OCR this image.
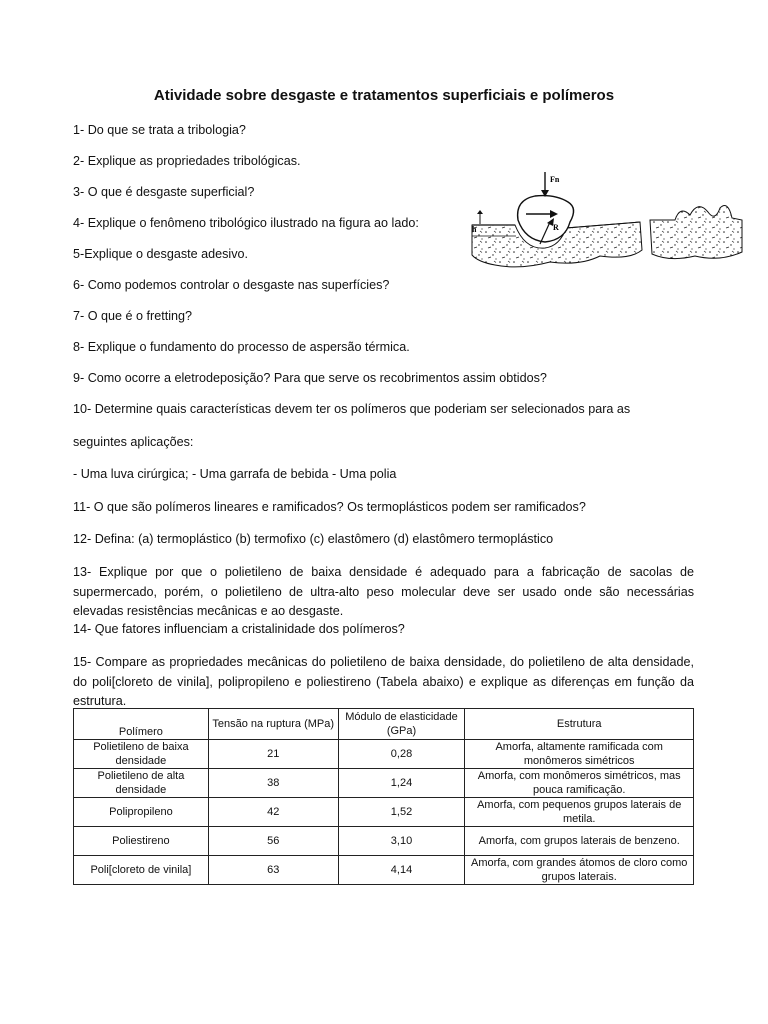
Atividade sobre desgaste e tratamentos superficiais e polímeros
1- Do que se trata a tribologia?
2- Explique as propriedades tribológicas.
3- O que é desgaste superficial?
4- Explique o fenômeno tribológico ilustrado na figura ao lado:
5-Explique o desgaste adesivo.
6- Como podemos controlar o desgaste nas superfícies?
7- O que é o fretting?
8- Explique o fundamento do processo de aspersão térmica.
9- Como ocorre a eletrodeposição? Para que serve os recobrimentos assim obtidos?
10- Determine quais características devem ter os polímeros que poderiam ser selecionados para as
seguintes aplicações:
- Uma luva cirúrgica; - Uma garrafa de bebida - Uma polia
11- O que são polímeros lineares e ramificados? Os termoplásticos podem ser ramificados?
12- Defina: (a) termoplástico (b) termofixo (c) elastômero (d) elastômero termoplástico
13- Explique por que o polietileno de baixa densidade é adequado para a fabricação de sacolas de supermercado, porém, o polietileno de ultra-alto peso molecular deve ser usado onde são necessárias elevadas resistências mecânicas e ao desgaste.
14- Que fatores influenciam a cristalinidade dos polímeros?
15- Compare as propriedades mecânicas do polietileno de baixa densidade, do polietileno de alta densidade, do poli[cloreto de vinila], polipropileno e poliestireno (Tabela abaixo) e explique as diferenças em função da estrutura.
Fn
R
h
Polímero	Tensão na ruptura (MPa)	Módulo de elasticidade (GPa)	Estrutura
Polietileno de baixa densidade	21	0,28	Amorfa, altamente ramificada com monômeros simétricos
Polietileno de alta densidade	38	1,24	Amorfa, com monômeros simétricos, mas pouca ramificação.
Polipropileno	42	1,52	Amorfa, com pequenos grupos laterais de metila.
Poliestireno	56	3,10	Amorfa, com grupos laterais de benzeno.
Poli[cloreto de vinila]	63	4,14	Amorfa, com grandes átomos de cloro como grupos laterais.
